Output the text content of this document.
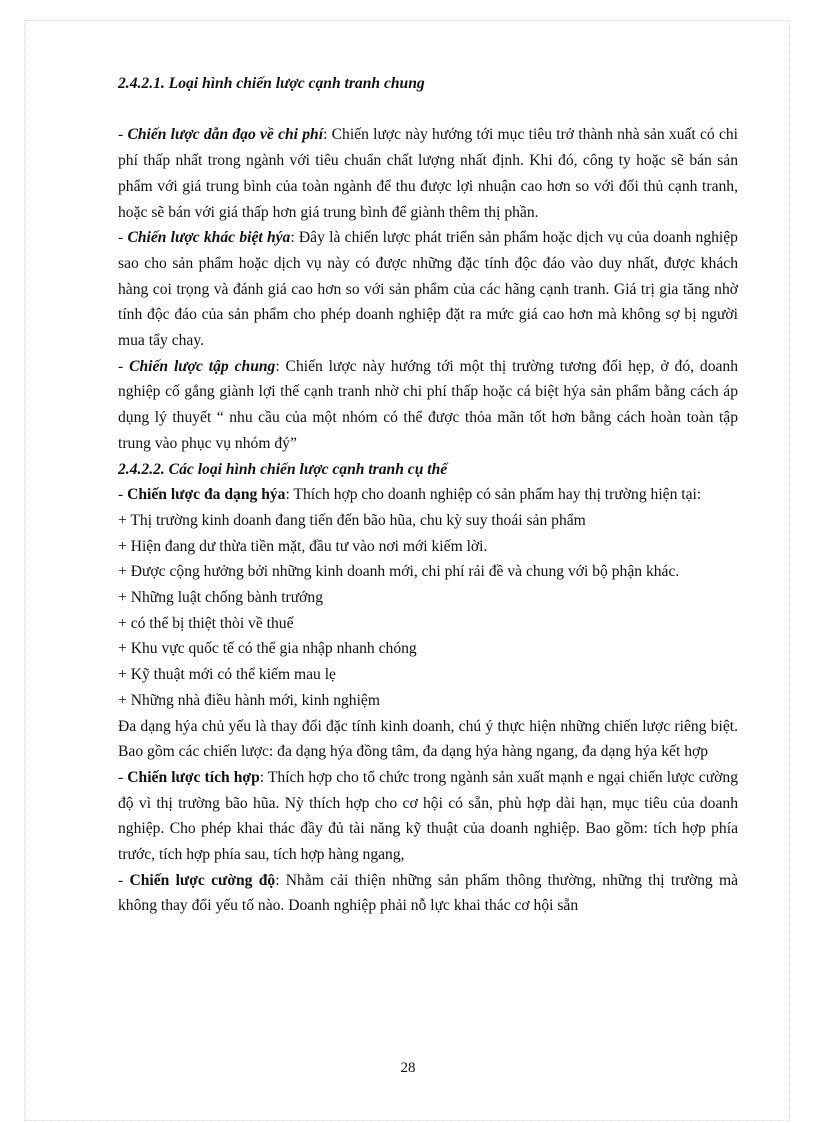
2.4.2.1. Loại hình chiến lược cạnh tranh chung

- Chiến lược dẫn đạo về chi phí: Chiến lược này hướng tới mục tiêu trở thành nhà sản xuất có chi phí thấp nhất trong ngành với tiêu chuẩn chất lượng nhất định. Khi đó, công ty hoặc sẽ bán sản phẩm với giá trung bình của toàn ngành để thu được lợi nhuận cao hơn so với đối thủ cạnh tranh, hoặc sẽ bán với giá thấp hơn giá trung bình để giành thêm thị phần.

- Chiến lược khác biệt hýa: Đây là chiến lược phát triển sản phẩm hoặc dịch vụ của doanh nghiệp sao cho sản phẩm hoặc dịch vụ này có được những đặc tính độc đáo vào duy nhất, được khách hàng coi trọng và đánh giá cao hơn so với sản phẩm của các hãng cạnh tranh. Giá trị gia tăng nhờ tính độc đáo của sản phẩm cho phép doanh nghiệp đặt ra mức giá cao hơn mà không sợ bị người mua tẩy chay.

- Chiến lược tập chung: Chiến lược này hướng tới một thị trường tương đối hẹp, ở đó, doanh nghiệp cố gắng giành lợi thế cạnh tranh nhờ chi phí thấp hoặc cá biệt hýa sản phẩm bằng cách áp dụng lý thuyết “ nhu cầu của một nhóm có thể được thỏa mãn tốt hơn bằng cách hoàn toàn tập trung vào phục vụ nhóm đý”

2.4.2.2. Các loại hình chiến lược cạnh tranh cụ thể

- Chiến lược đa dạng hýa: Thích hợp cho doanh nghiệp có sản phẩm hay thị trường hiện tại:

+ Thị trường kinh doanh đang tiến đến bão hũa, chu kỳ suy thoái sản phẩm

+ Hiện đang dư thừa tiền mặt, đầu tư vào nơi mới kiếm lời.

+ Được cộng hưởng bởi những kinh doanh mới, chi phí rải đề và chung với bộ phận khác.

+ Những luật chống bành trướng

+ có thể bị thiệt thòi về thuế

+ Khu vực quốc tế có thể gia nhập nhanh chóng

+ Kỹ thuật mới có thể kiếm mau lẹ

+ Những nhà điều hành mới, kinh nghiệm

Đa dạng hýa chủ yếu là thay đổi đặc tính kinh doanh, chú ý thực hiện những chiến lược riêng biệt. Bao gồm các chiến lược: đa dạng hýa đồng tâm, đa dạng hýa hàng ngang, đa dạng hýa kết hợp

- Chiến lược tích hợp: Thích hợp cho tổ chức trong ngành sản xuất mạnh e ngại chiến lược cường độ vì thị trường bão hũa. Nỳ thích hợp cho cơ hội có sẵn, phù hợp dài hạn, mục tiêu của doanh nghiệp. Cho phép khai thác đầy đủ tài năng kỹ thuật của doanh nghiệp. Bao gồm: tích hợp phía trước, tích hợp phía sau, tích hợp hàng ngang,

- Chiến lược cường độ: Nhằm cải thiện những sản phẩm thông thường, những thị trường mà không thay đổi yếu tố nào. Doanh nghiệp phải nỗ lực khai thác cơ hội sẵn

28
